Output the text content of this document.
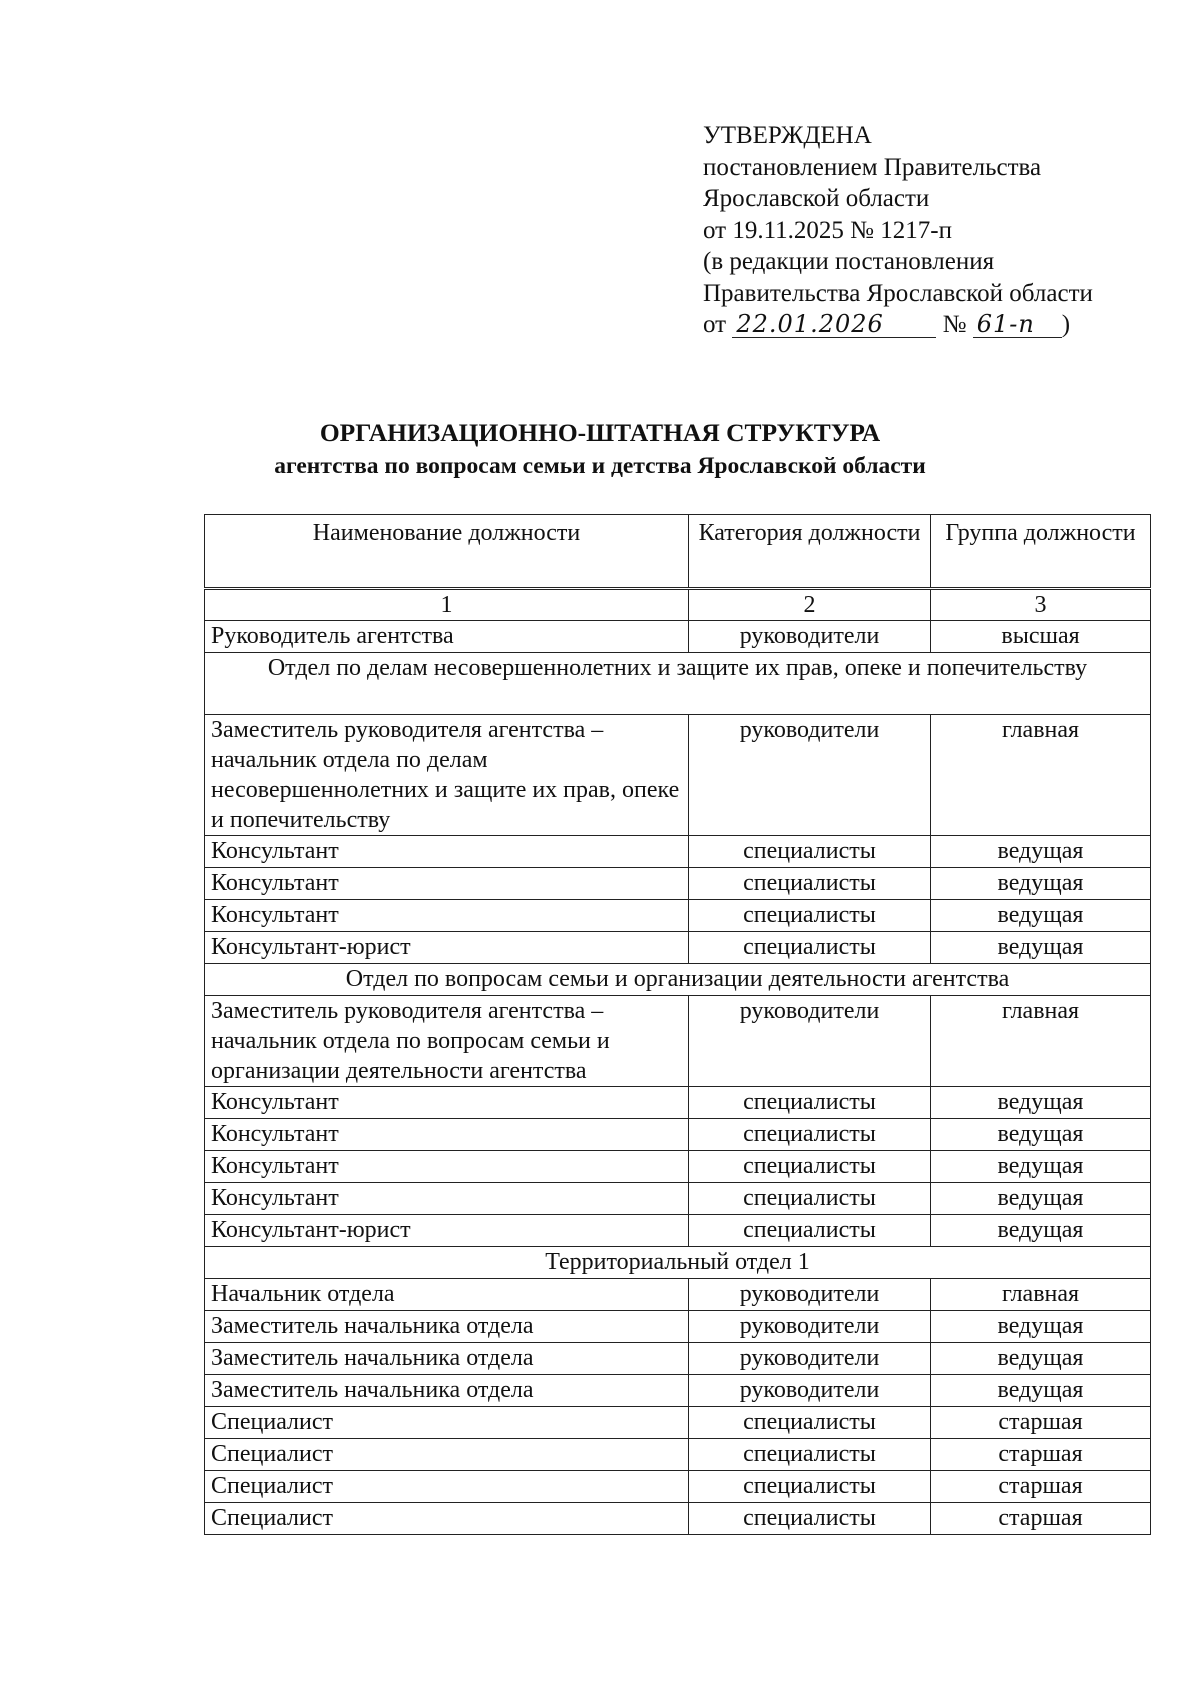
УТВЕРЖДЕНА
постановлением Правительства
Ярославской области
от 19.11.2025 № 1217-п
(в редакции постановления
Правительства Ярославской области
от 22.01.2026 № 61-п )
ОРГАНИЗАЦИОННО-ШТАТНАЯ СТРУКТУРА
агентства по вопросам семьи и детства Ярославской области
Наименование должности	Категория должности	Группа должности
1	2	3
Руководитель агентства	руководители	высшая
Отдел по делам несовершеннолетних и защите их прав, опеке и попечительству		
Заместитель руководителя агентства – начальник отдела по делам несовершеннолетних и защите их прав, опеке и попечительству	руководители	главная
Консультант	специалисты	ведущая
Консультант	специалисты	ведущая
Консультант	специалисты	ведущая
Консультант-юрист	специалисты	ведущая
Отдел по вопросам семьи и организации деятельности агентства		
Заместитель руководителя агентства – начальник отдела по вопросам семьи и организации деятельности агентства	руководители	главная
Консультант	специалисты	ведущая
Консультант	специалисты	ведущая
Консультант	специалисты	ведущая
Консультант	специалисты	ведущая
Консультант-юрист	специалисты	ведущая
Территориальный отдел 1		
Начальник отдела	руководители	главная
Заместитель начальника отдела	руководители	ведущая
Заместитель начальника отдела	руководители	ведущая
Заместитель начальника отдела	руководители	ведущая
Специалист	специалисты	старшая
Специалист	специалисты	старшая
Специалист	специалисты	старшая
Специалист	специалисты	старшая
